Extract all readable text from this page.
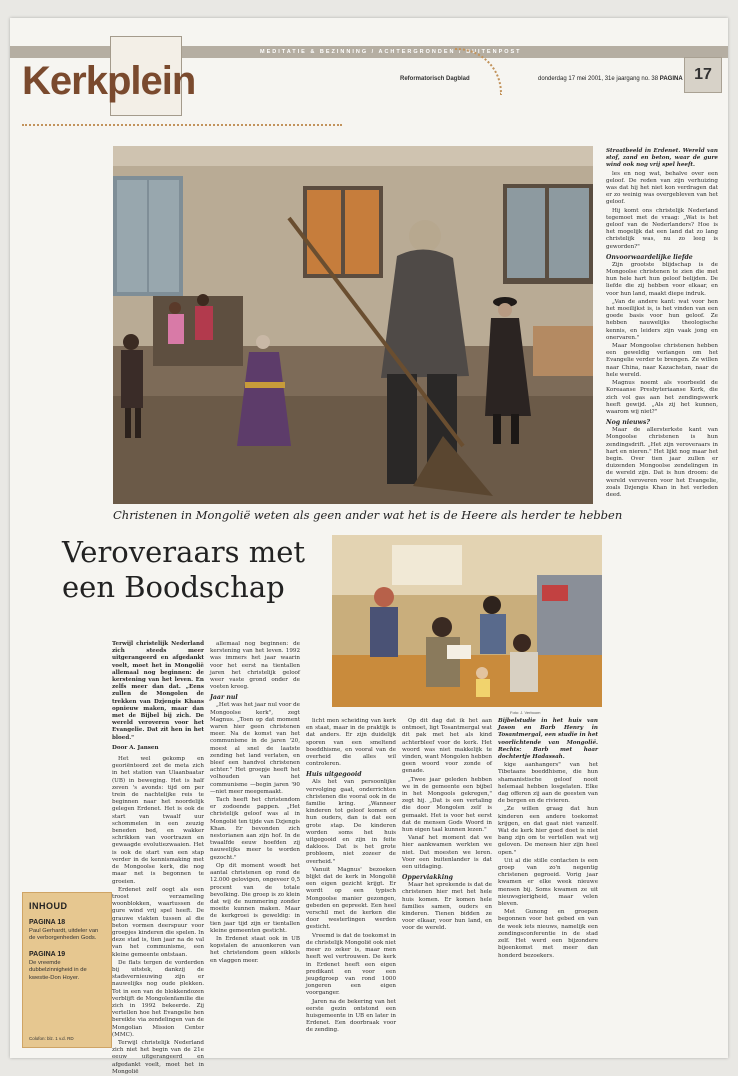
MEDITATIE & BEZINNING / ACHTERGRONDEN / BUITENPOST
Kerkplein	Reformatorisch Dagblad	donderdag 17 mei 2001, 31e jaargang no. 38 PAGINA 17
Christenen in Mongolië weten als geen ander wat het is de Heere als herder te hebben
Veroveraars met een Boodschap
Foto: J. Verboom

Terwijl christelijk Nederland zich steeds meer uitgerangeerd en afgedankt voelt, moet het in Mongolië allemaal nog beginnen: de kerstening van het leven. En zelfs meer dan dat. „Eens zullen de Mongolen de trekken van Dzjengis Khans opnieuw maken, maar dan met de Bijbel bij zich. De wereld veroveren voor het Evangelie. Dat zit hen in het bloed."

Door A. Jansen

Het wel gekomp en georiënteerd zet de meta zich in het station van Ulaanbaatar (UB) in beweging. Het is half zeven 's avonds: tijd om per trein de nachtelijke reis te beginnen naar het noordelijk gelegen Erdenet. Het is ook de start van twaalf uur schommelen in een zeuzig beneden bed, en wakker schrikken van voortrazen en gewaagde evolutiezwaaien. Het is ook de start van een stap verder in de kennismaking met de Mongoolse kerk, die nog maar net is begonnen te groeien.

Erdenet zelf oogt als een troost verzameling woonblokken, waartussen de gure wind vrij spel heeft. De grauwe vlakten tussen al die beton vormen deerspuur voor groepjes kinderen die spelen. In deze stad is, tien jaar na de val van het communisme, een kleine gemeente ontstaan.

De flats tergen de vorderden bij uitstek, dankzij de stadsvernieuwing zijn er nauwelijks nog oude plekken. Tot in een van de blokkendozen verblijft de Mongolenfamilie die zich in 1992 bekeerde. Zij vertellen hoe het Evangelie hen bereikte via zendelingen van de Mongolian Mission Center (MMC).

Terwijl christelijk Nederland zich niet het begin van de 21e eeuw uitgerangeerd en afgedankt voelt, moet het in Mongolië

allemaal nog beginnen: de kerstening van het leven. 1992 was immers het jaar waarin voor het eerst na tientallen jaren het christelijk geloof weer vaste grond onder de voeten kreeg.

Jaar nul

„Het was het jaar nul voor de Mongoolse kerk", zegt Magnus. „Toen op dat moment waren hier geen christenen meer. Na de komst van het communisme in de jaren '20, moest al snel de laatste zending het land verlaten, en bleef een handvol christenen achter." Het groepje heeft het volhouden van het communisme —begin jaren '90—niet meer meegemaakt.

Tach heeft het christendom er zodoende pappen. „Het christelijk geloof was al in Mongolië ten tijde van Dzjengis Khan. Er bevonden zich nestorianen aan zijn hof. In de twaalfde eeuw hoefden zij nauwelijks meer te worden gezocht."

Op dit moment woedt het aantal christenen op rond de 12.000 gelovigen, ongeveer 0,5 procent van de totale bevolking. Die groep is zo klein dat wij de nummering zonder moeite kunnen maken. Maar de kerkgroei is geweldig: in tien jaar tijd zijn er tientallen kleine gemeenten gesticht.

In Erdenet staat ook in UB kopstalen de anuonkeren van het christendom geen sikkels en vlaggen meer.

licht men scheiding van kerk en staat, maar in de praktijk is dat anders. Er zijn duidelijk sporen van een smeltend boeddhisme, en vooral van de overheid die alles wil controleren.

Huis uitgegooid

Als het van persoonlijke vervolging gaat, onderrichten christenen die vooral ook in de familie kring. „Wanneer kinderen tot geloof komen of hun ouders, dan is dat een grote stap. De kinderen worden soms het huis uitgegooid en zijn in feite dakloos. Dat is het grote probleem, niet zozeer de overheid."

Vanuit Magnus' bezoeken blijkt dat de kerk in Mongolië een eigen gezicht krijgt. Er wordt op een typisch Mongoolse manier gezongen, gebeden en gepreekt. Een heel verschil met de kerken die door westerlingen werden gesticht.

Vreemd is dat de toekomst in de christelijk Mongolië ook niet meer zo zeker is, maar men heeft wel vertrouwen. De kerk in Erdenet heeft een eigen predikant en voor een jeugdgroep van rond 1000 jongeren een eigen voorganger.

Jaren na de bekering van het eerste gezin ontstond een huisgemeente in UB en later in Erdenet. Een doorbraak voor de zending.

Op dit dag dat ik het aan ontmoet, ligt Tosantmergal wat dit pak met het als kind achterbleef voor de kerk. Het woord was niet makkelijk te vinden, want Mongolen hebben geen woord voor zonde of genade.

„Twee jaar geleden hebben we in de gemeente een bijbel in het Mongools gekregen," zegt hij. „Dat is een vertaling die door Mongolen zelf is gemaakt. Het is voor het eerst dat de mensen Gods Woord in hun eigen taal kunnen lezen."

Vanaf het moment dat we hier aankwamen werkten we niet. Dat moesten we leren. Voor een buitenlander is dat een uitdaging.

Opperviakking

Maar het sprekende is dat de christenen hier met het hele huis komen. Er komen hele families samen, ouders en kinderen. Tienen bidden ze voor elkaar, voor hun land, en voor de wereld.

Bijbelstudie in het huis van Jason en Barb Henry in Tosantmergal, een studie in het voorlichtende van Mongolië. Rechts: Barb met haar dochtertje Hadassah.

kige aanhangers" van het Tibetaans boeddhisme, die hun shamanistische geloof nooit helemaal hebben losgelaten. Elke dag offeren zij aan de geesten van de bergen en de rivieren.

„Ze willen graag dat hun kinderen een andere toekomst krijgen, en dat gaat niet vanzelf. Wat de kerk hier goed doet is niet bang zijn om te vertellen wat wij geloven. De mensen hier zijn heel open."

Uit al die stille contacten is een groep van zo'n negentig christenen gegroeid. Vorig jaar kwamen er elke week nieuwe mensen bij. Soms kwamen ze uit nieuwsgierigheid, maar velen bleven.

Met Gunong en groepen begonnen voor het gebed en van de week iets nieuws, namelijk een zendingsconferentie in de stad zelf. Het werd een bijzondere bijeenkomst met meer dan honderd bezoekers.

Straatbeeld in Erdenet. Wereld van stof, zand en beton, waar de gure wind ook nog vrij spel heeft.

les en nog wat, behalve over een geloof. De reden van zijn verhuizing was dat hij het niet kon verdragen dat er zo weinig was overgebleven van het geloof.

Hij komt ons christelijk Nederland tegemoet met de vraag: „Wat is het geloof van de Nederlanders? Hoe is het mogelijk dat een land dat zo lang christelijk was, nu zo leeg is geworden?"

Onvoorwaardelijke liefde

Zijn grootste blijdschap is de Mongoolse christenen te zien die met hun hele hart hun geloof belijden. De liefde die zij hebben voor elkaar, en voor hun land, maakt diepe indruk.

„Van de andere kant: wat voor hen het moeilijkst is, is het vinden van een goede basis voor hun geloof. Ze hebben nauwelijks theologische kennis, en leiders zijn vaak jong en onervaren."

Maar Mongoolse christenen hebben een geweldig verlangen om het Evangelie verder te brengen. Ze willen naar China, naar Kazachstan, naar de hele wereld.

Magnus noemt als voorbeeld de Koreaanse Presbyteriaanse Kerk, die zich vol gas aan het zendingswerk heeft gewijd. „Als zij het kunnen, waarom wij niet?"

Nog nieuws?

Maar de allersterkste kant van Mongoolse christenen is hun zendingsdrift. „Het zijn veroveraars in hart en nieren." Het lijkt nog maar het begin. Over tien jaar zullen er duizenden Mongoolse zendelingen in de wereld zijn. Dat is hun droom: de wereld veroveren voor het Evangelie, zoals Dzjengis Khan in het verleden deed.

INHOUD
PAGINA 18
Paul Gerhardt, uitdeler van de verborgenheden Gods.
PAGINA 19
De vreemde dubbelzinnigheid in de kwestie-Don Hoyer.
Colofon: blz. 1 v.d. RD
